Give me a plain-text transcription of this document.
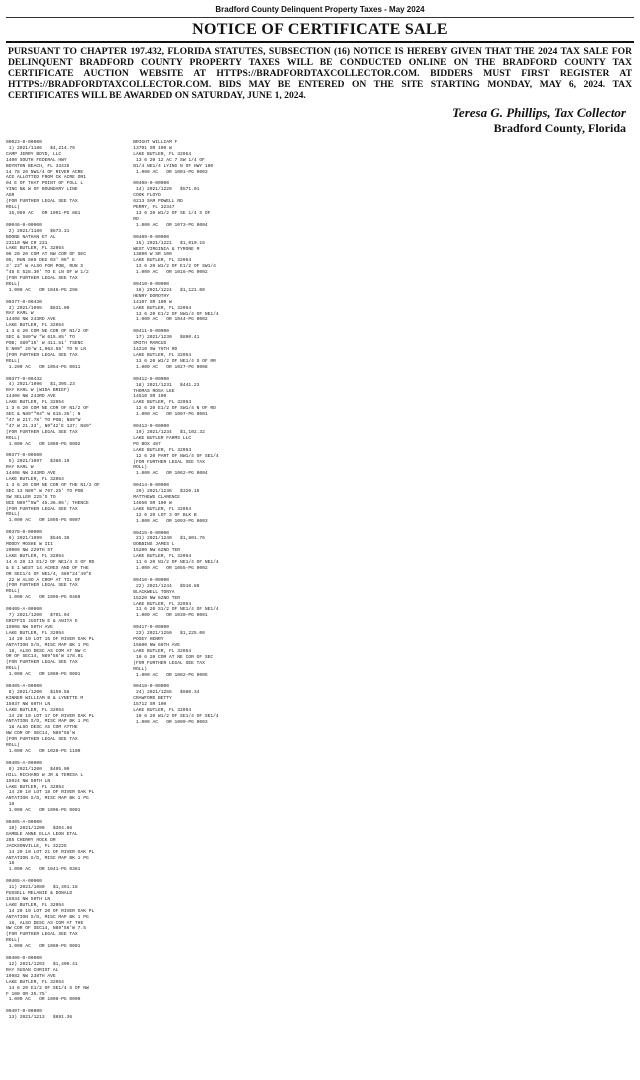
Bradford County Delinquent Property Taxes - May 2024
NOTICE OF CERTIFICATE SALE
PURSUANT TO CHAPTER 197.432, FLORIDA STATUTES, SUBSECTION (16) NOTICE IS HEREBY GIVEN THAT THE 2024 TAX SALE FOR DELINQUENT BRADFORD COUNTY PROPERTY TAXES WILL BE CONDUCTED ONLINE ON THE BRADFORD COUNTY TAX CERTIFICATE AUCTION WEBSITE AT HTTPS://BRADFORDTAXCOLLECTOR.COM. BIDDERS MUST FIRST REGISTER AT HTTPS://BRADFORDTAXCOLLECTOR.COM. BIDS MAY BE ENTERED ON THE SITE STARTING MONDAY, MAY 6, 2024. TAX CERTIFICATES WILL BE AWARDED ON SATURDAY, JUNE 1, 2024.
Teresa G. Phillips, Tax Collector
Bradford County, Florida
00023-0-00000
1) 2021/1186   $4,214.79
CAMP JERRY BOYD, LLC
1400 SOUTH FEDERAL HWY
BOYNTON BEACH, FL 33435
14 78 20 NW1/4 OF RIVER ACRE
ACE ALLOTTED FROM CK ACRE OR1
04 E OF THAT POINT OF FOLL L
YING N& W OF BOUNDARY LINE
AGR
(FOR FURTHER LEGAL SEE TAX
ROLL)
15,969 AC   OR 1091-PG 881
00046-0-00000
2) 2021/1189   $673.31
BOONE NATHAN ET AL
23110 NW CR 231
LAKE BUTLER, FL 32054
06 20 20 COM AT NW COR OF SEC
05, RUN S89 DEG 03' 06" E
3' 23" W ALSO FOR POB, RUN S
"48 E 528.30' TO E LN OF W 1/2
(FOR FURTHER LEGAL SEE TAX
ROLL)
1.000 AC   OR 1046-PG 298
00377-0-00430
3) 2021/1095   $831.00
RAY KARL W
14408 NW 243RD AVE
LAKE BUTLER, FL 32054
1 3 6 20 COM NE COR OF N1/2 OF
SEC & S89*W "W 615.85' TO
POB; S89"15' W 411.51' TSENC
E N00" 29'W 1,063.58' TO N LN
(FOR FURTHER LEGAL SEE TAX
ROLL)
1.200 AC   OR 1054-PG 0011
00377-0-00432
4) 2021/1096   $1,305.23
RAY KARL W (WIDA BRIEF)
14408 NW 243RD AVE
LAKE BUTLER, FL 32054
1 3 6 20 COM NE COR OF N1/2 OF
SEC & N89*"04" W 615.35'; N
"47 W 217.78' TO POB; N89*W
"47 W 21.33', N0"42'E 137; N89*
(FOR FURTHER LEGAL SEE TAX
ROLL)
1.000 AC   OR 1080-PG 0002
00377-0-00500
5) 2021/1097   $386.19
RAY KARL W
14408 NW 243RD AVE
LAKE BUTLER, FL 32054
1 3 6 20 COM NE COR OF THE N1/2 OF
SEC 13 N89* W 767.25' TO POB
SW SELLER 225'S TO
NCE N89*"5W" 45.36.05'; THENCE
(FOR FURTHER LEGAL SEE TAX
ROLL)
1.000 AC   OR 1095-PG 0007
00378-0-00000
6) 2021/1099   $546.36
MOODY MOSHE W III
20009 NW 229TH ST
LAKE BUTLER, FL 32054
14 6 20 13 E1/2 OF NE1/4 S OF RD
& E 1 WEST 14 ACRES AND OF THE
OR SEC1/4 OF NE1/4, S89*24'49"E
22 W ALSO A CROP AT TIL OF
(FOR FURTHER LEGAL SEE TAX
ROLL)
1.000 AC   OR 1095-PG 0489
00405-A-00000
7) 2021/1200   $701.04
GRIFFIS JUSTIN E & ANITA E
19908 NW 50TH AVE
LAKE BUTLER, FL 32054
14 20 10 LOT 15 OF RIVER OAK PL
ANTATION S/D, MISC MAP BK 1 PG
18, ALSO DESC AS COM AT NW C
OR OF SEC14, N89*56'W 178.01
(FOR FURTHER LEGAL SEE TAX
ROLL)
1.000 AC   OR 1080-PG 0001
00405-A-00000
8) 2021/1200   $159.56
KINNER WILLIAM B & LYNETTE M
15937 NW 60TH LN
LAKE BUTLER, FL 32054
14 20 10 LOT 17 OF RIVER OAK PL
ANTATION S/D, MISC MAP BK 1 PG
18 ALSO DESC AS COM ATTHE
NW COR OF SEC14, N89*56'W
(FOR FURTHER LEGAL SEE TAX
ROLL)
1.000 AC   OR 1020-PG 1100
00405-A-00000
9) 2021/1200   $405.00
HILL RICHARD W JR & TERESA L
15924 NW 50TH LN
LAKE BUTLER, FL 32054
14 20 10 LOT 18 OF RIVER OAK PL
ANTATION S/D, MISC MAP BK 1 PG
18
1.000 AC   OR 1006-PG 0001
00405-A-00000
10) 2021/1200   $354.86
GAMBLE ANNE ELLA LEON ETAL
285 CHERRY HOCK DR
JACKSONVILLE, FL 32225
14 20 10 LOT 21 OF RIVER OAK PL
ANTATION S/D, MISC MAP BK 1 PG
18
1.000 AC   OR 1041-PG 0381
00405-A-00000
11) 2021/1080   $1,491.18
PUSSELL MELANIE & DONALD
15934 NW 50TH LN
LAKE BUTLER, FL 32054
14 20 10 LOT 20 OF RIVER OAK PL
ANTATION S/D, MISC MAP BK 1 PG
18, ALSO DESC AS COM AT THE
NW COR OF SEC14, N89*56'W 7.5
(FOR FURTHER LEGAL SEE TAX
ROLL)
1.000 AC   OR 1080-PG 0001
00406-0-00000
12) 2021/1203   $1,400.41
RAY SUSAN CHRIST AL
19982 NW 238TH AVE
LAKE BUTLER, FL 32054
14 6 20 E1/2 OF SE1/4 S OF NW
F 100 OR 35.75'
1.000 AC   OR 1006-PG 0000
00407-0-00000
13) 2021/1213   $691.36
BRIGHT WILLIAM F
13701 SR 100 W
LAKE BUTLER, FL 32054
13 6 20 12 AC 7 SW 1/4 OF
N1/4 NE1/4 LYING N OF HWY 100
1.000 AC   OR 1001-PG 0003
00408-0-00000
14) 2021/1220   $571.01
COOK FLOYD
6213 SAM POWELL RD
PERRY, FL 32347
13 6 20 W1/2 OF SE 1/4 S OF
RD
1.000 AC   OR 1073-PG 0004
00409-0-00000
15) 2021/1221   $1,010.16
WEST VIRGINIA & TYRONE M
13800 W SR 100
LAKE BUTLER, FL 32054
13 6 20 W1/2 OF E1/2 OF SW1/4
1.000 AC   OR 1016-PG 0002
00410-0-00000
16) 2021/1224   $1,121.00
HENRY DOROTHY
14107 SR 100 W
LAKE BUTLER, FL 32054
13 6 20 E1/2 OF NW1/4 OF NE1/4
1.000 AC   OR 1044-PG 0002
00411-0-00000
17) 2021/1230   $890.41
SMITH MARCUS
14210 SW 76TH RD
LAKE BUTLER, FL 32054
13 6 20 W1/2 OF NE1/4 S OF RR
1.000 AC   OR 1027-PG 0008
00412-0-00000
18) 2021/1231   $441.23
THOMAS ROSA LEE
14510 SR 100
LAKE BUTLER, FL 32054
12 6 20 E1/2 OF SW1/4 N OF RD
1.000 AC   OR 1007-PG 0001
00413-0-00000
19) 2021/1234   $1,102.32
LAKE BUTLER FARMS LLC
PO BOX 487
LAKE BUTLER, FL 32054
12 6 20 PART OF NW1/4 OF SE1/4
(FOR FURTHER LEGAL SEE TAX
ROLL)
1.000 AC   OR 1062-PG 0004
00414-0-00000
20) 2021/1236   $320.15
MATTHEWS CLARENCE
14650 SR 100 W
LAKE BUTLER, FL 32054
12 6 20 LOT 3 OF BLK B
1.000 AC   OR 1093-PG 0003
00415-0-00000
21) 2021/1240   $1,801.76
DOBBINS JAMES L
15200 NW 62ND TER
LAKE BUTLER, FL 32054
11 6 20 N1/2 OF NE1/4 OF NE1/4
1.000 AC   OR 1055-PG 0002
00416-0-00000
22) 2021/1244   $516.88
BLACKWELL TONYA
15220 NW 62ND TER
LAKE BUTLER, FL 32054
11 6 20 S1/2 OF NE1/4 OF NE1/4
1.000 AC   OR 1030-PG 0001
00417-0-00000
23) 2021/1250   $1,225.00
POSEY HENRY
15600 NW 66TH AVE
LAKE BUTLER, FL 32054
10 6 20 COM AT NE COR OF SEC
(FOR FURTHER LEGAL SEE TAX
ROLL)
1.000 AC   OR 1082-PG 0005
00418-0-00000
24) 2021/1255   $680.34
CRAWFORD BETTY
15712 SR 100
LAKE BUTLER, FL 32054
10 6 20 W1/2 OF SE1/4 OF SE1/4
1.000 AC   OR 1009-PG 0003
